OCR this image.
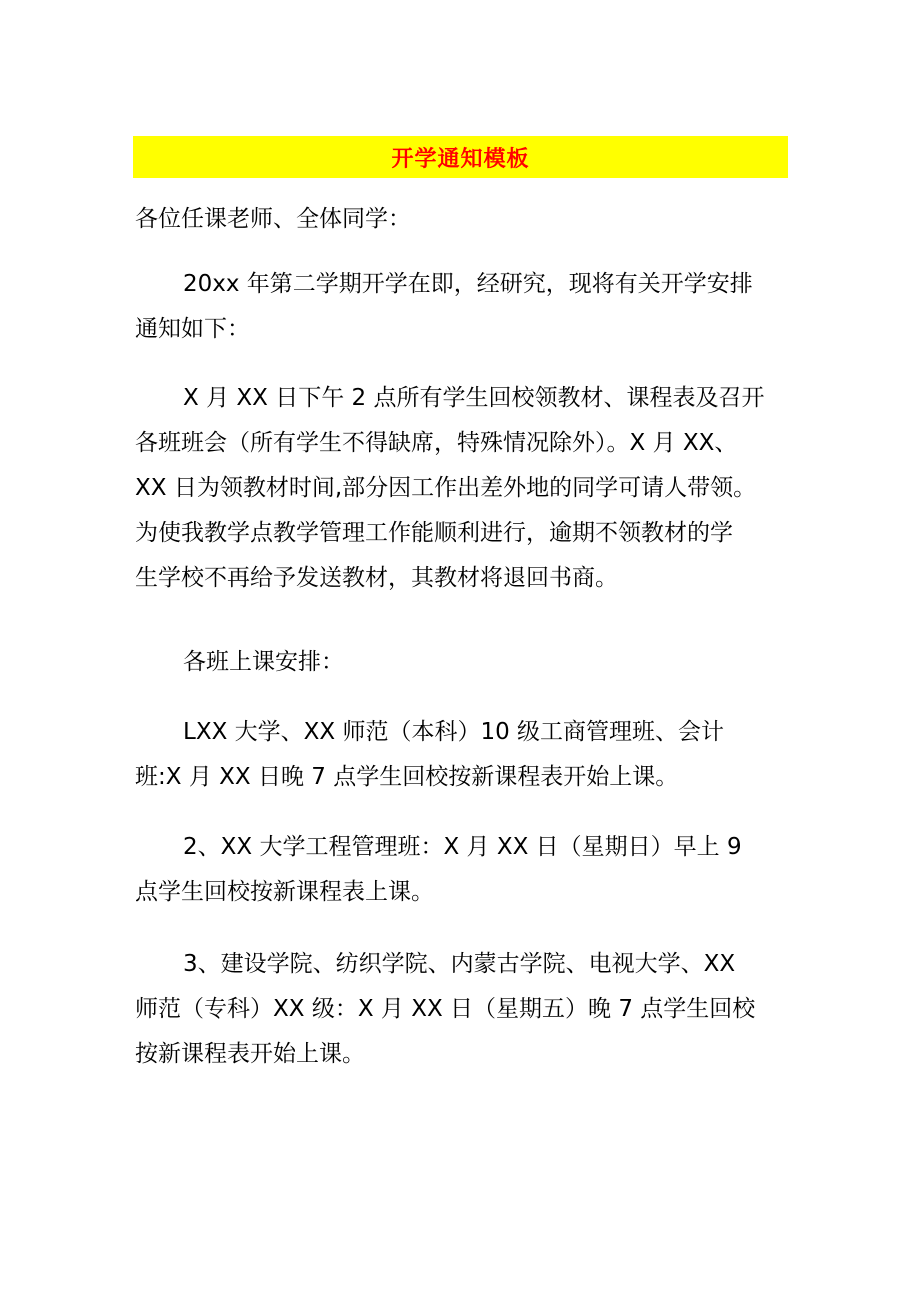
开学通知模板
各位任课老师、全体同学：
20xx 年第二学期开学在即，经研究，现将有关开学安排
通知如下：
X 月 XX 日下午 2 点所有学生回校领教材、课程表及召开
各班班会（所有学生不得缺席，特殊情况除外）。X 月 XX、
XX 日为领教材时间,部分因工作出差外地的同学可请人带领。
为使我教学点教学管理工作能顺利进行，逾期不领教材的学
生学校不再给予发送教材，其教材将退回书商。
各班上课安排：
LXX 大学、XX 师范（本科）10 级工商管理班、会计
班:X 月 XX 日晚 7 点学生回校按新课程表开始上课。
2、XX 大学工程管理班：X 月 XX 日（星期日）早上 9
点学生回校按新课程表上课。
3、建设学院、纺织学院、内蒙古学院、电视大学、XX
师范（专科）XX 级：X 月 XX 日（星期五）晚 7 点学生回校
按新课程表开始上课。
